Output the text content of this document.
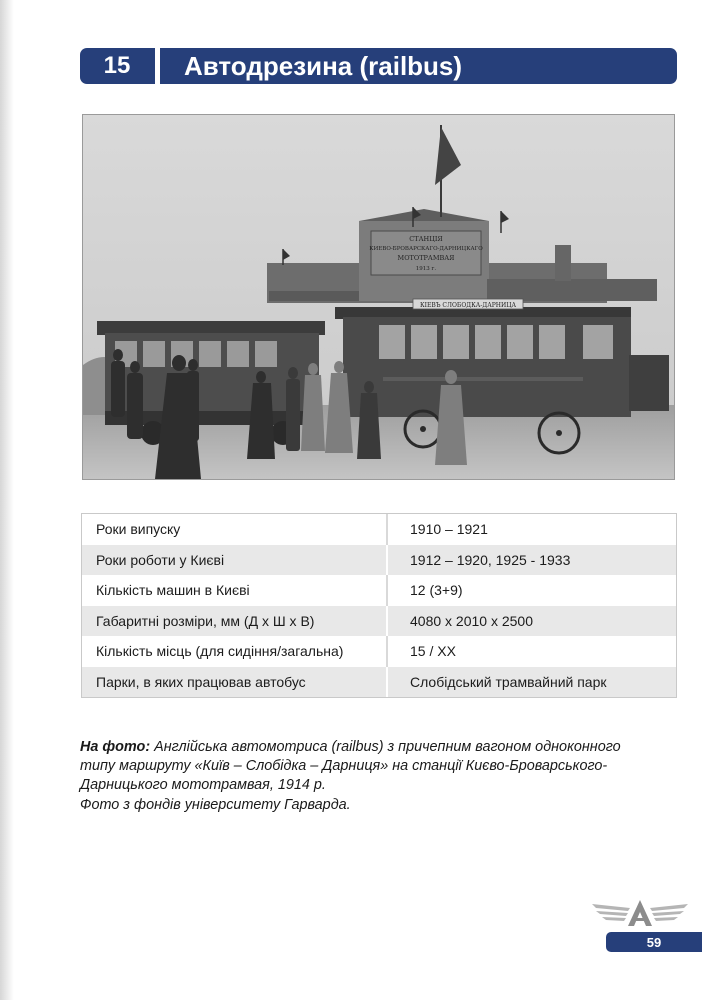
15	Автодрезина (railbus)
СТАНЦІЯ
КИЕВО-БРОВАРСКАГО-ДАРНИЦКАГО
МОТОТРАМВАЯ
1913 г.
КІЕВЪ СЛОБОДКА-ДАРНИЦА
Роки випуску	1910 – 1921
Роки роботи у Києві	1912 – 1920, 1925 - 1933
Кількість машин в Києві	12 (3+9)
Габаритні розміри, мм (Д х Ш х В)	4080 х 2010 х 2500
Кількість місць (для сидіння/загальна)	15 / ХХ
Парки, в яких працював автобус	Слобідський трамвайний парк
На фото: Англійська автомотриса (railbus) з причепним вагоном одноконного
типу маршруту «Київ – Слобідка – Дарниця» на станції Києво-Броварського-
Дарницького мототрамвая, 1914 р.
Фото з фондів університету Гарварда.
59
